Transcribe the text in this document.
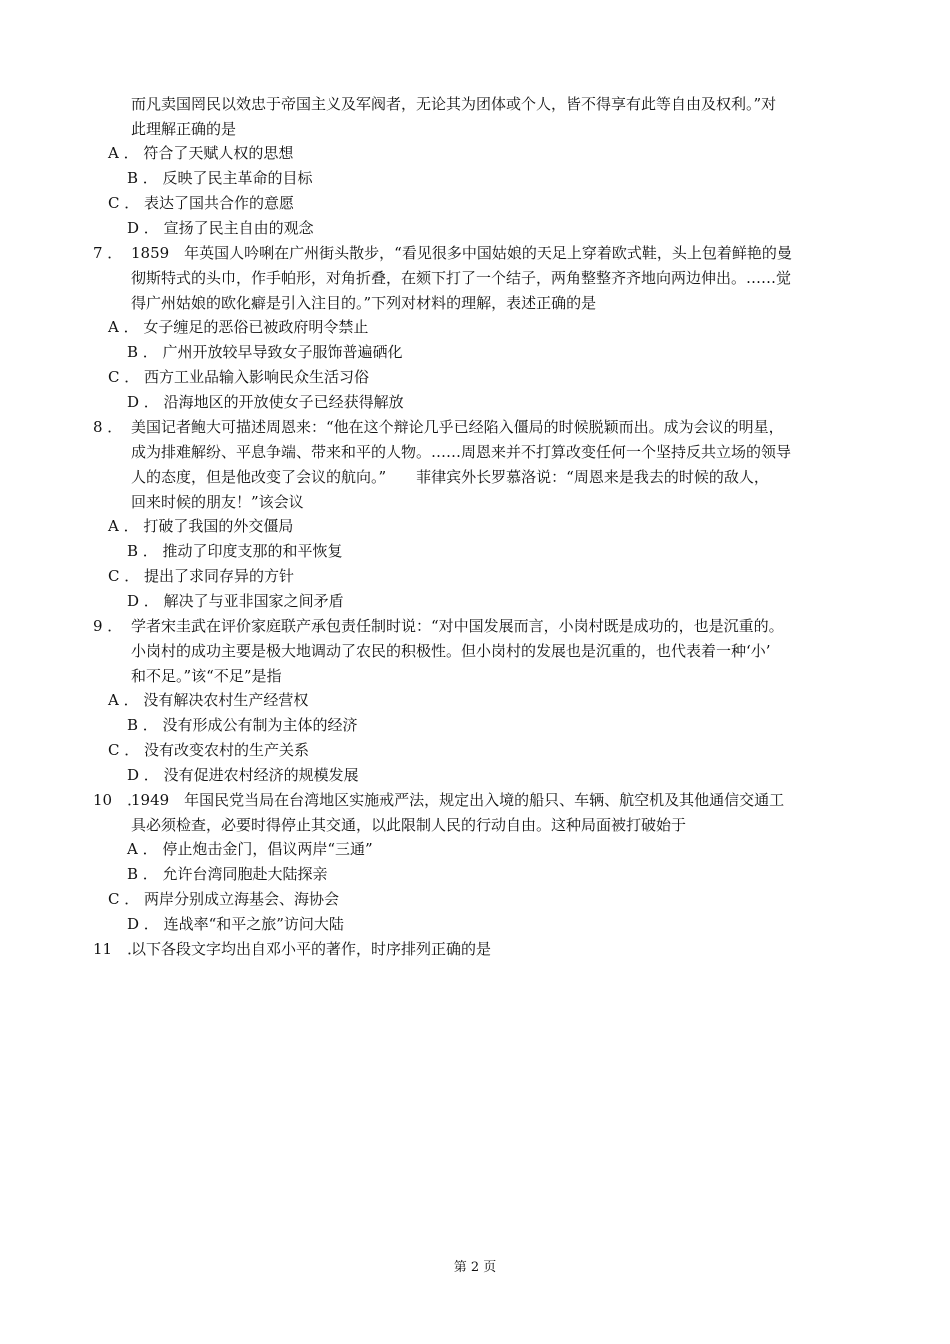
而凡卖国罔民以效忠于帝国主义及军阀者，无论其为团体或个人，皆不得享有此等自由及权利。”对
此理解正确的是
A ． 符合了天赋人权的思想
B ． 反映了民主革命的目标
C ． 表达了国共合作的意愿
D ． 宣扬了民主自由的观念
7 ． 1859　年英国人吟唎在广州街头散步，“看见很多中国姑娘的天足上穿着欧式鞋，头上包着鲜艳的曼
彻斯特式的头巾，作手帕形，对角折叠，在颏下打了一个结子，两角整整齐齐地向两边伸出。……觉
得广州姑娘的欧化癖是引入注目的。”下列对材料的理解，表述正确的是
A ． 女子缠足的恶俗已被政府明令禁止
B ． 广州开放较早导致女子服饰普遍硒化
C ． 西方工业品输入影响民众生活习俗
D ． 沿海地区的开放使女子已经获得解放
8 ． 美国记者鲍大可描述周恩来：“他在这个辩论几乎已经陷入僵局的时候脱颖而出。成为会议的明星，
成为排难解纷、平息争端、带来和平的人物。……周恩来并不打算改变任何一个坚持反共立场的领导
人的态度，但是他改变了会议的航向。”　　菲律宾外长罗慕洛说：“周恩来是我去的时候的敌人，
回来时候的朋友！”该会议
A ． 打破了我国的外交僵局
B ． 推动了印度支那的和平恢复
C ． 提出了求同存异的方针
D ． 解决了与亚非国家之间矛盾
9 ． 学者宋圭武在评价家庭联产承包责任制时说：“对中国发展而言，小岗村既是成功的，也是沉重的。
小岗村的成功主要是极大地调动了农民的积极性。但小岗村的发展也是沉重的，也代表着一种‘小’
和不足。”该“不足”是指
A ． 没有解决农村生产经营权
B ． 没有形成公有制为主体的经济
C ． 没有改变农村的生产关系
D ． 没有促进农村经济的规模发展
10　．
1949　年国民党当局在台湾地区实施戒严法，规定出入境的船只、车辆、航空机及其他通信交通工
具必须检查，必要时得停止其交通，以此限制人民的行动自由。这种局面被打破始于
A ． 停止炮击金门，倡议两岸“三通”
B ． 允许台湾同胞赴大陆探亲
C ． 两岸分别成立海基会、海协会
D ． 连战率“和平之旅”访问大陆
11　．
以下各段文字均出自邓小平的著作，时序排列正确的是
第 2 页
